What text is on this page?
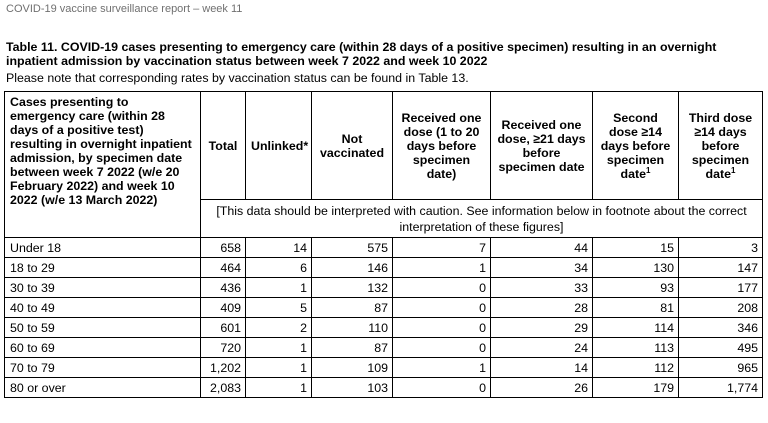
COVID-19 vaccine surveillance report – week 11
Table 11. COVID-19 cases presenting to emergency care (within 28 days of a positive specimen) resulting in an overnight inpatient admission by vaccination status between week 7 2022 and week 10 2022
Please note that corresponding rates by vaccination status can be found in Table 13.
Cases presenting to emergency care (within 28 days of a positive test) resulting in overnight inpatient admission, by specimen date between week 7 2022 (w/e 20 February 2022) and week 10 2022 (w/e 13 March 2022)	Total	Unlinked*	Not vaccinated	Received one dose (1 to 20 days before specimen date)	Received one dose, ≥21 days before specimen date	Second dose ≥14 days before specimen date$^1$	Third dose ≥14 days before specimen date$^1$
	[This data should be interpreted with caution. See information below in footnote about the correct interpretation of these figures]						
Under 18	658	14	575	7	44	15	3
18 to 29	464	6	146	1	34	130	147
30 to 39	436	1	132	0	33	93	177
40 to 49	409	5	87	0	28	81	208
50 to 59	601	2	110	0	29	114	346
60 to 69	720	1	87	0	24	113	495
70 to 79	1,202	1	109	1	14	112	965
80 or over	2,083	1	103	0	26	179	1,774
